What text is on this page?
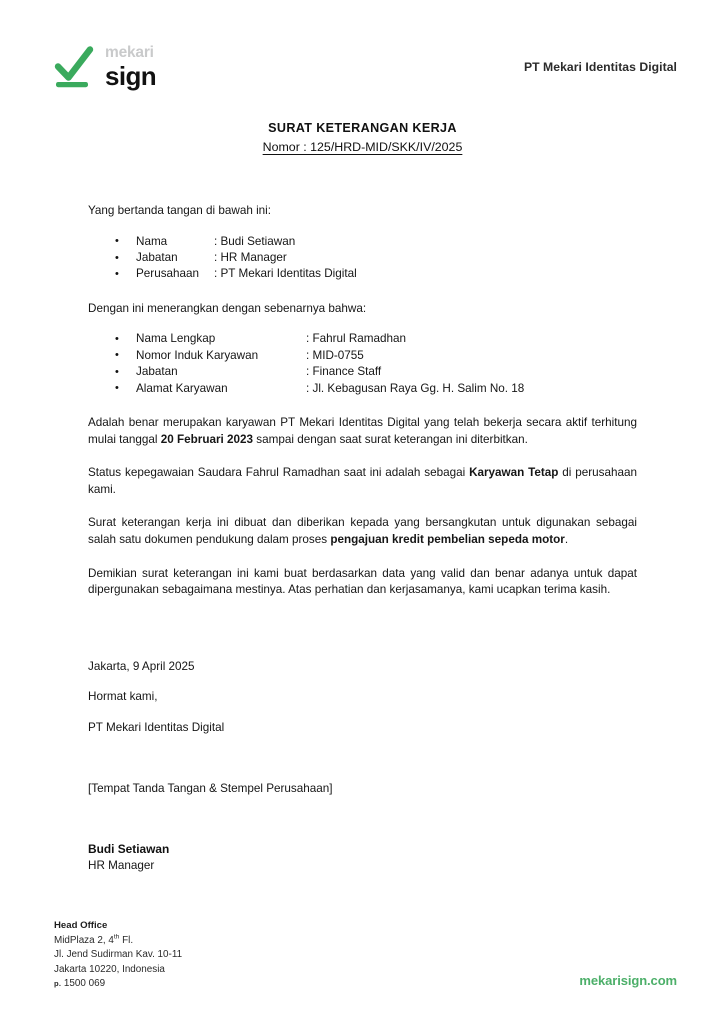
mekari
sign	PT Mekari Identitas Digital
SURAT KETERANGAN KERJA
Nomor : 125/HRD-MID/SKK/IV/2025

Yang bertanda tangan di bawah ini:

• Nama	: Budi Setiawan
• Jabatan	: HR Manager
• Perusahaan	: PT Mekari Identitas Digital

Dengan ini menerangkan dengan sebenarnya bahwa:

• Nama Lengkap	: Fahrul Ramadhan
• Nomor Induk Karyawan	: MID-0755
• Jabatan	: Finance Staff
• Alamat Karyawan	: Jl. Kebagusan Raya Gg. H. Salim No. 18

Adalah benar merupakan karyawan PT Mekari Identitas Digital yang telah bekerja secara aktif terhitung mulai tanggal 20 Februari 2023 sampai dengan saat surat keterangan ini diterbitkan.

Status kepegawaian Saudara Fahrul Ramadhan saat ini adalah sebagai Karyawan Tetap di perusahaan kami.

Surat keterangan kerja ini dibuat dan diberikan kepada yang bersangkutan untuk digunakan sebagai salah satu dokumen pendukung dalam proses pengajuan kredit pembelian sepeda motor.

Demikian surat keterangan ini kami buat berdasarkan data yang valid dan benar adanya untuk dapat dipergunakan sebagaimana mestinya. Atas perhatian dan kerjasamanya, kami ucapkan terima kasih.

Jakarta, 9 April 2025
Hormat kami,
PT Mekari Identitas Digital
[Tempat Tanda Tangan & Stempel Perusahaan]
Budi Setiawan
HR Manager
Head Office
MidPlaza 2, 4th Fl.
Jl. Jend Sudirman Kav. 10-11
Jakarta 10220, Indonesia
p. 1500 069	mekarisign.com
